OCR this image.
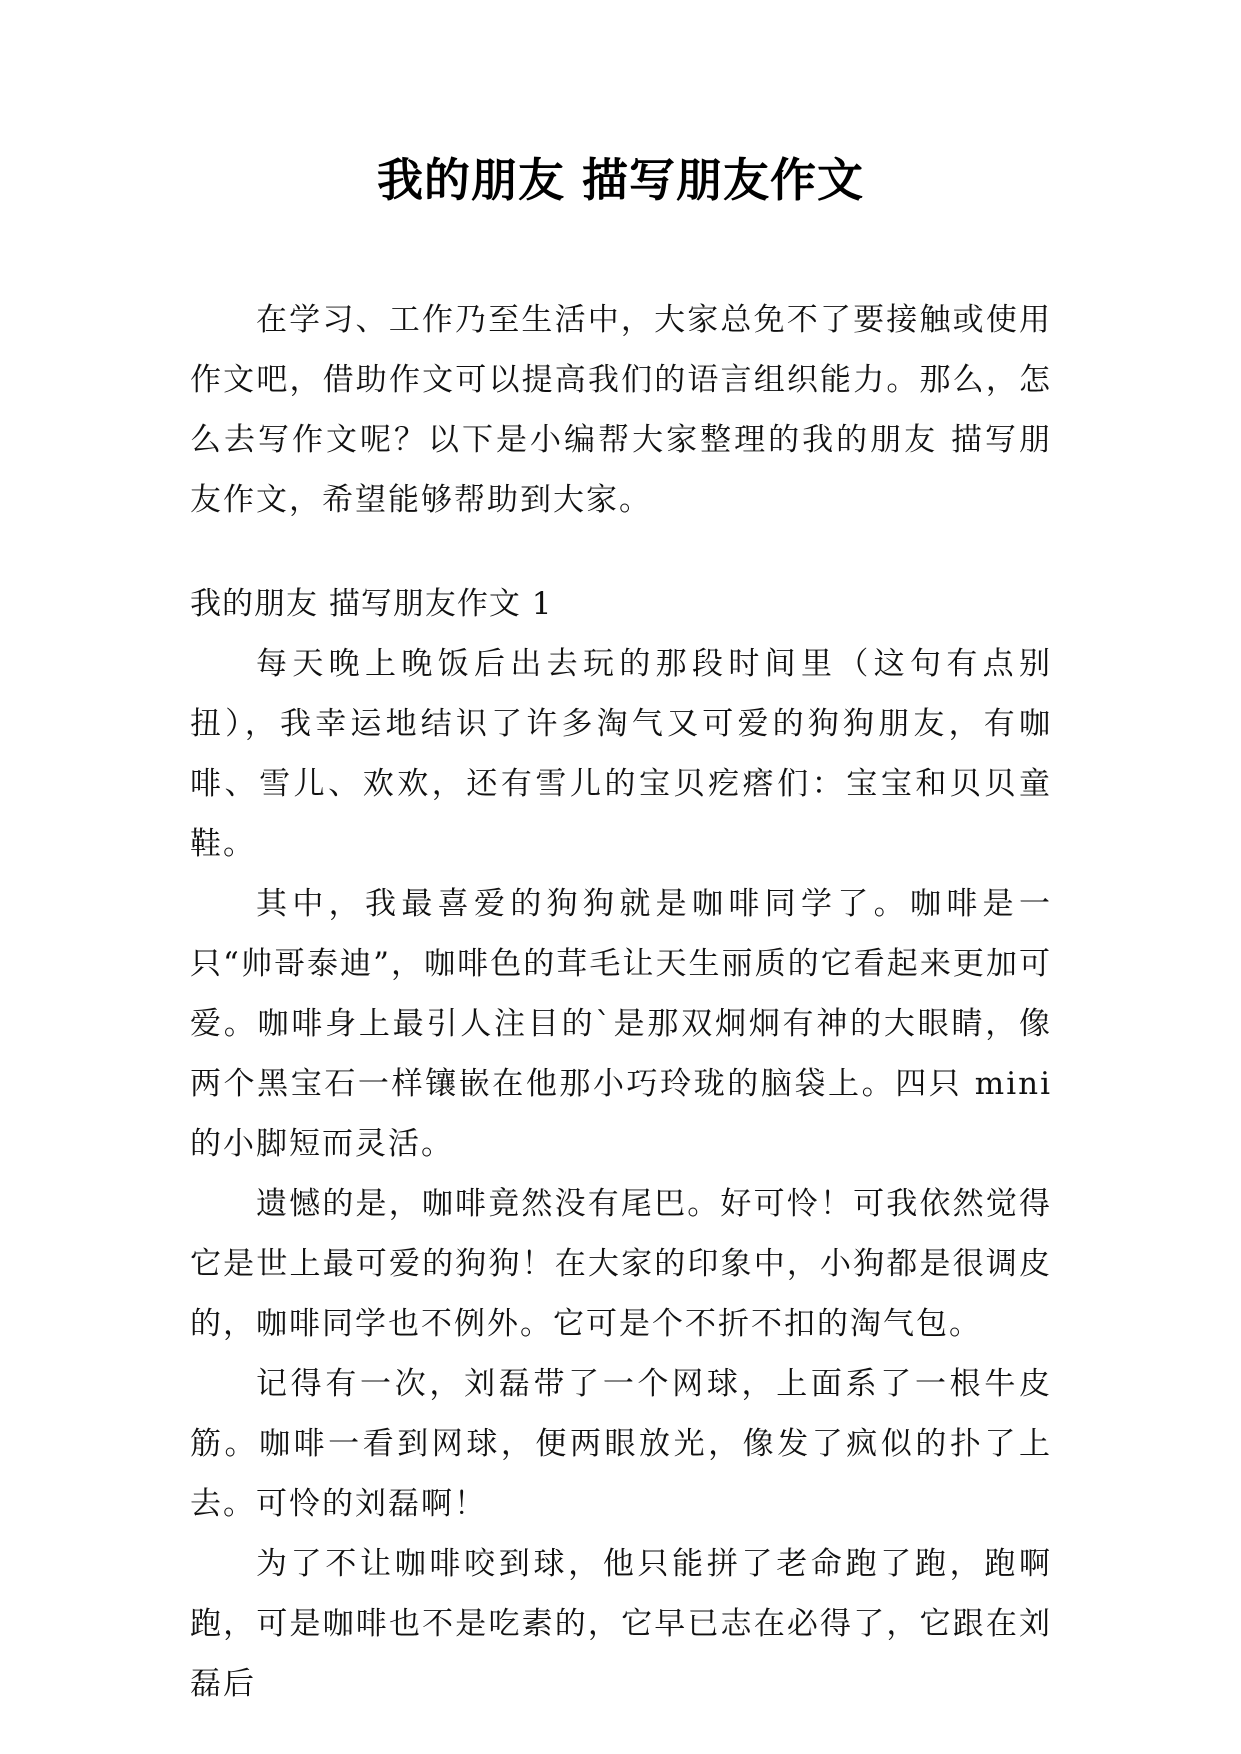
我的朋友 描写朋友作文

在学习、工作乃至生活中，大家总免不了要接触或使用作文吧，借助作文可以提高我们的语言组织能力。那么，怎么去写作文呢？以下是小编帮大家整理的我的朋友 描写朋友作文，希望能够帮助到大家。

我的朋友 描写朋友作文 1

每天晚上晚饭后出去玩的那段时间里（这句有点别扭），我幸运地结识了许多淘气又可爱的狗狗朋友，有咖啡、雪儿、欢欢，还有雪儿的宝贝疙瘩们：宝宝和贝贝童鞋。

其中，我最喜爱的狗狗就是咖啡同学了。咖啡是一只“帅哥泰迪”，咖啡色的茸毛让天生丽质的它看起来更加可爱。咖啡身上最引人注目的`是那双炯炯有神的大眼睛，像两个黑宝石一样镶嵌在他那小巧玲珑的脑袋上。四只 mini 的小脚短而灵活。

遗憾的是，咖啡竟然没有尾巴。好可怜！可我依然觉得它是世上最可爱的狗狗！在大家的印象中，小狗都是很调皮的，咖啡同学也不例外。它可是个不折不扣的淘气包。

记得有一次，刘磊带了一个网球，上面系了一根牛皮筋。咖啡一看到网球，便两眼放光，像发了疯似的扑了上去。可怜的刘磊啊！

为了不让咖啡咬到球，他只能拼了老命跑了跑，跑啊跑，可是咖啡也不是吃素的，它早已志在必得了，它跟在刘磊后
